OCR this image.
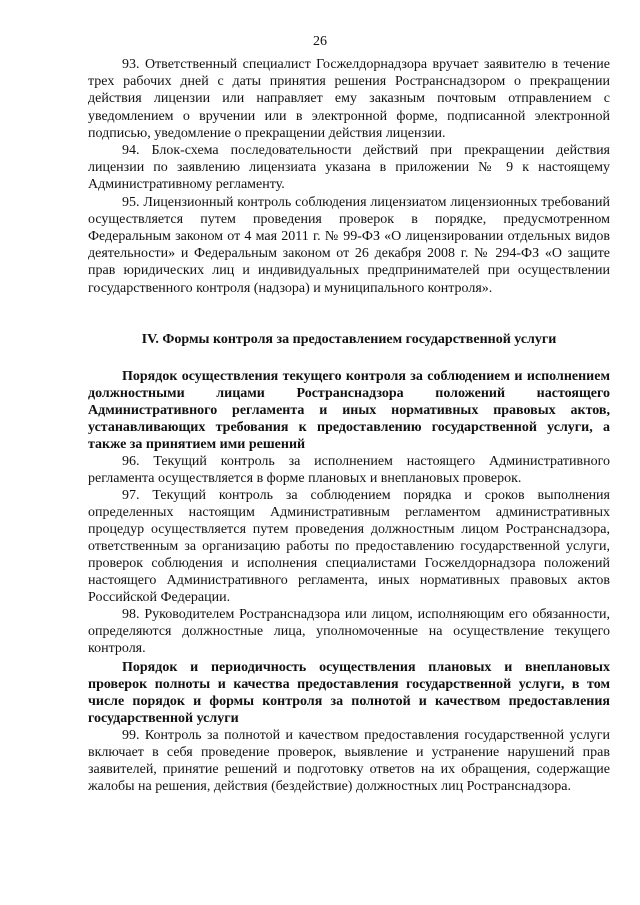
26

93. Ответственный специалист Госжелдорнадзора вручает заявителю в течение трех рабочих дней с даты принятия решения Ространснадзором о прекращении действия лицензии или направляет ему заказным почтовым отправлением с уведомлением о вручении или в электронной форме, подписанной электронной подписью, уведомление о прекращении действия лицензии.

94. Блок-схема последовательности действий при прекращении действия лицензии по заявлению лицензиата указана в приложении № 9 к настоящему Административному регламенту.

95. Лицензионный контроль соблюдения лицензиатом лицензионных требований осуществляется путем проведения проверок в порядке, предусмотренном Федеральным законом от 4 мая 2011 г. № 99-ФЗ «О лицензировании отдельных видов деятельности» и Федеральным законом от 26 декабря 2008 г. № 294-ФЗ «О защите прав юридических лиц и индивидуальных предпринимателей при осуществлении государственного контроля (надзора) и муниципального контроля».

IV. Формы контроля за предоставлением государственной услуги

Порядок осуществления текущего контроля за соблюдением и исполнением должностными лицами Ространснадзора положений настоящего Административного регламента и иных нормативных правовых актов, устанавливающих требования к предоставлению государственной услуги, а также за принятием ими решений

96. Текущий контроль за исполнением настоящего Административного регламента осуществляется в форме плановых и внеплановых проверок.

97. Текущий контроль за соблюдением порядка и сроков выполнения определенных настоящим Административным регламентом административных процедур осуществляется путем проведения должностным лицом Ространснадзора, ответственным за организацию работы по предоставлению государственной услуги, проверок соблюдения и исполнения специалистами Госжелдорнадзора положений настоящего Административного регламента, иных нормативных правовых актов Российской Федерации.

98. Руководителем Ространснадзора или лицом, исполняющим его обязанности, определяются должностные лица, уполномоченные на осуществление текущего контроля.

Порядок и периодичность осуществления плановых и внеплановых проверок полноты и качества предоставления государственной услуги, в том числе порядок и формы контроля за полнотой и качеством предоставления государственной услуги

99. Контроль за полнотой и качеством предоставления государственной услуги включает в себя проведение проверок, выявление и устранение нарушений прав заявителей, принятие решений и подготовку ответов на их обращения, содержащие жалобы на решения, действия (бездействие) должностных лиц Ространснадзора.
